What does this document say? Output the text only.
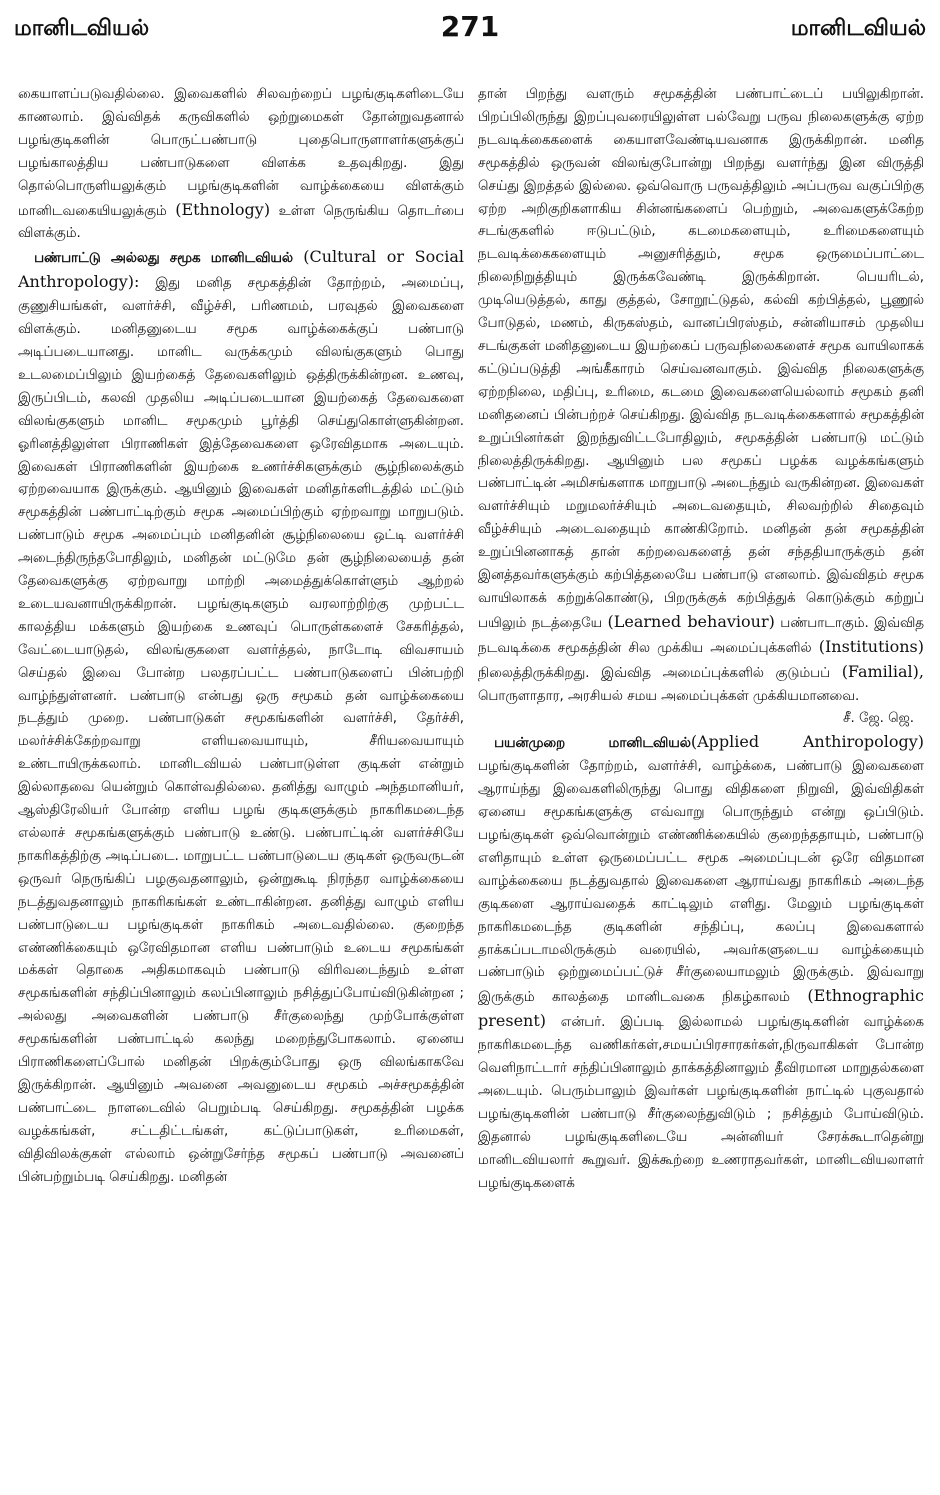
மானிடவியல்	271	மானிடவியல்

கையாளப்படுவதில்லை. இவைகளில் சிலவற்றைப் பழங்குடிகளிடையே காணலாம். இவ்விதக் கருவிகளில் ஒற்றுமைகள் தோன்றுவதனால் பழங்குடிகளின் பொருட்பண்பாடு புதைபொருளாளர்களுக்குப் பழங்காலத்திய பண்பாடுகளை விளக்க உதவுகிறது. இது தொல்பொருளியலுக்கும் பழங்குடிகளின் வாழ்க்கையை விளக்கும் மானிடவகையியலுக்கும் (Ethnology) உள்ள நெருங்கிய தொடர்பை விளக்கும்.

பண்பாட்டு அல்லது சமூக மானிடவியல் (Cultural or Social Anthropology): இது மனித சமூகத்தின் தோற்றம், அமைப்பு, குணுசியங்கள், வளர்ச்சி, வீழ்ச்சி, பரிணமம், பரவுதல் இவைகளை விளக்கும். மனிதனுடைய சமூக வாழ்க்கைக்குப் பண்பாடு அடிப்படையானது. மானிட வருக்கமும் விலங்குகளும் பொது உடலமைப்பிலும் இயற்கைத் தேவைகளிலும் ஒத்திருக்கின்றன. உணவு, இருப்பிடம், கலவி முதலிய அடிப்படையான இயற்கைத் தேவைகளை விலங்குகளும் மானிட சமூகமும் பூர்த்தி செய்துகொள்ளுகின்றன. ஓரினத்திலுள்ள பிராணிகள் இத்தேவைகளை ஒரேவிதமாக அடையும். இவைகள் பிராணிகளின் இயற்கை உணர்ச்சிகளுக்கும் சூழ்நிலைக்கும் ஏற்றவையாக இருக்கும். ஆயினும் இவைகள் மனிதர்களிடத்தில் மட்டும் சமூகத்தின் பண்பாட்டிற்கும் சமூக அமைப்பிற்கும் ஏற்றவாறு மாறுபடும். பண்பாடும் சமூக அமைப்பும் மனிதனின் சூழ்நிலையை ஒட்டி வளர்ச்சி அடைந்திருந்தபோதிலும், மனிதன் மட்டுமே தன் சூழ்நிலையைத் தன் தேவைகளுக்கு ஏற்றவாறு மாற்றி அமைத்துக்கொள்ளும் ஆற்றல் உடையவனாயிருக்கிறான். பழங்குடிகளும் வரலாற்றிற்கு முற்பட்ட காலத்திய மக்களும் இயற்கை உணவுப் பொருள்களைச் சேகரித்தல், வேட்டையாடுதல், விலங்குகளை வளர்த்தல், நாடோடி விவசாயம் செய்தல் இவை போன்ற பலதரப்பட்ட பண்பாடுகளைப் பின்பற்றி வாழ்ந்துள்ளனர். பண்பாடு என்பது ஒரு சமூகம் தன் வாழ்க்கையை நடத்தும் முறை. பண்பாடுகள் சமூகங்களின் வளர்ச்சி, தேர்ச்சி, மலர்ச்சிக்கேற்றவாறு எளியவையாயும், சீரியவையாயும் உண்டாயிருக்கலாம். மானிடவியல் பண்பாடுள்ள குடிகள் என்றும் இல்லாதவை யென்றும் கொள்வதில்லை. தனித்து வாழும் அந்தமானியர், ஆஸ்திரேலியர் போன்ற எளிய பழங் குடிகளுக்கும் நாகரிகமடைந்த எல்லாச் சமூகங்களுக்கும் பண்பாடு உண்டு. பண்பாட்டின் வளர்ச்சியே நாகரிகத்திற்கு அடிப்படை. மாறுபட்ட பண்பாடுடைய குடிகள் ஒருவருடன் ஒருவர் நெருங்கிப் பழகுவதனாலும், ஒன்றுகூடி நிரந்தர வாழ்க்கையை நடத்துவதனாலும் நாகரிகங்கள் உண்டாகின்றன. தனித்து வாழும் எளிய பண்பாடுடைய பழங்குடிகள் நாகரிகம் அடைவதில்லை. குறைந்த எண்ணிக்கையும் ஒரேவிதமான எளிய பண்பாடும் உடைய சமூகங்கள் மக்கள் தொகை அதிகமாகவும் பண்பாடு விரிவடைந்தும் உள்ள சமூகங்களின் சந்திப்பினாலும் கலப்பினாலும் நசித்துப்போய்விடுகின்றன ; அல்லது அவைகளின் பண்பாடு சீர்குலைந்து முற்போக்குள்ள சமூகங்களின் பண்பாட்டில் கலந்து மறைந்துபோகலாம். ஏனைய பிராணிகளைப்போல் மனிதன் பிறக்கும்போது ஒரு விலங்காகவே இருக்கிறான். ஆயினும் அவனை அவனுடைய சமூகம் அச்சமூகத்தின் பண்பாட்டை நாளடைவில் பெறும்படி செய்கிறது. சமூகத்தின் பழக்க வழக்கங்கள், சட்டதிட்டங்கள், கட்டுப்பாடுகள், உரிமைகள், விதிவிலக்குகள் எல்லாம் ஒன்றுசேர்ந்த சமூகப் பண்பாடு அவனைப் பின்பற்றும்படி செய்கிறது. மனிதன்

தான் பிறந்து வளரும் சமூகத்தின் பண்பாட்டைப் பயிலுகிறான். பிறப்பிலிருந்து இறப்புவரையிலுள்ள பல்வேறு பருவ நிலைகளுக்கு ஏற்ற நடவடிக்கைகளைக் கையாளவேண்டியவனாக இருக்கிறான். மனித சமூகத்தில் ஒருவன் விலங்குபோன்று பிறந்து வளர்ந்து இன விருத்தி செய்து இறத்தல் இல்லை. ஒவ்வொரு பருவத்திலும் அப்பருவ வகுப்பிற்கு ஏற்ற அறிகுறிகளாகிய சின்னங்களைப் பெற்றும், அவைகளுக்கேற்ற சடங்குகளில் ஈடுபட்டும், கடமைகளையும், உரிமைகளையும் நடவடிக்கைகளையும் அனுசரித்தும், சமூக ஒருமைப்பாட்டை நிலைநிறுத்தியும் இருக்கவேண்டி இருக்கிறான். பெயரிடல், முடியெடுத்தல், காது குத்தல், சோறூட்டுதல், கல்வி கற்பித்தல், பூணூல் போடுதல், மணம், கிருகஸ்தம், வானப்பிரஸ்தம், சன்னியாசம் முதலிய சடங்குகள் மனிதனுடைய இயற்கைப் பருவநிலைகளைச் சமூக வாயிலாகக் கட்டுப்படுத்தி அங்கீகாரம் செய்வனவாகும். இவ்வித நிலைகளுக்கு ஏற்றநிலை, மதிப்பு, உரிமை, கடமை இவைகளையெல்லாம் சமூகம் தனி மனிதனைப் பின்பற்றச் செய்கிறது. இவ்வித நடவடிக்கைகளால் சமூகத்தின் உறுப்பினர்கள் இறந்துவிட்டபோதிலும், சமூகத்தின் பண்பாடு மட்டும் நிலைத்திருக்கிறது. ஆயினும் பல சமூகப் பழக்க வழக்கங்களும் பண்பாட்டின் அமிசங்களாக மாறுபாடு அடைந்தும் வருகின்றன. இவைகள் வளர்ச்சியும் மறுமலர்ச்சியும் அடைவதையும், சிலவற்றில் சிதைவும் வீழ்ச்சியும் அடைவதையும் காண்கிறோம். மனிதன் தன் சமூகத்தின் உறுப்பினனாகத் தான் கற்றவைகளைத் தன் சந்ததியாருக்கும் தன் இனத்தவர்களுக்கும் கற்பித்தலையே பண்பாடு எனலாம். இவ்விதம் சமூக வாயிலாகக் கற்றுக்கொண்டு, பிறருக்குக் கற்பித்துக் கொடுக்கும் கற்றுப் பயிலும் நடத்தையே (Learned behaviour) பண்பாடாகும். இவ்வித நடவடிக்கை சமூகத்தின் சில முக்கிய அமைப்புக்களில் (Institutions) நிலைத்திருக்கிறது. இவ்வித அமைப்புக்களில் குடும்பப் (Familial), பொருளாதார, அரசியல் சமய அமைப்புக்கள் முக்கியமானவை.

சீ. ஜே. ஜெ.

பயன்முறை மானிடவியல்(Applied Anthiropology) பழங்குடிகளின் தோற்றம், வளர்ச்சி, வாழ்க்கை, பண்பாடு இவைகளை ஆராய்ந்து இவைகளிலிருந்து பொது விதிகளை நிறுவி, இவ்விதிகள் ஏனைய சமூகங்களுக்கு எவ்வாறு பொருந்தும் என்று ஒப்பிடும். பழங்குடிகள் ஒவ்வொன்றும் எண்ணிக்கையில் குறைந்ததாயும், பண்பாடு எளிதாயும் உள்ள ஒருமைப்பட்ட சமூக அமைப்புடன் ஒரே விதமான வாழ்க்கையை நடத்துவதால் இவைகளை ஆராய்வது நாகரிகம் அடைந்த குடிகளை ஆராய்வதைக் காட்டிலும் எளிது. மேலும் பழங்குடிகள் நாகரிகமடைந்த குடிகளின் சந்திப்பு, கலப்பு இவைகளால் தாக்கப்படாமலிருக்கும் வரையில், அவர்களுடைய வாழ்க்கையும் பண்பாடும் ஒற்றுமைப்பட்டுச் சீர்குலையாமலும் இருக்கும். இவ்வாறு இருக்கும் காலத்தை மானிடவகை நிகழ்காலம் (Ethnographic present) என்பர். இப்படி இல்லாமல் பழங்குடிகளின் வாழ்க்கை நாகரிகமடைந்த வணிகர்கள்,சமயப்பிரசாரகர்கள்,நிருவாகிகள் போன்ற வெளிநாட்டார் சந்திப்பினாலும் தாக்கத்தினாலும் தீவிரமான மாறுதல்களை அடையும். பெரும்பாலும் இவர்கள் பழங்குடிகளின் நாட்டில் புகுவதால் பழங்குடிகளின் பண்பாடு சீர்குலைந்துவிடும் ; நசித்தும் போய்விடும். இதனால் பழங்குடிகளிடையே அன்னியர் சேரக்கூடாதென்று மானிடவியலார் கூறுவர். இக்கூற்றை உணராதவர்கள், மானிடவியலாளர் பழங்குடிகளைக்
